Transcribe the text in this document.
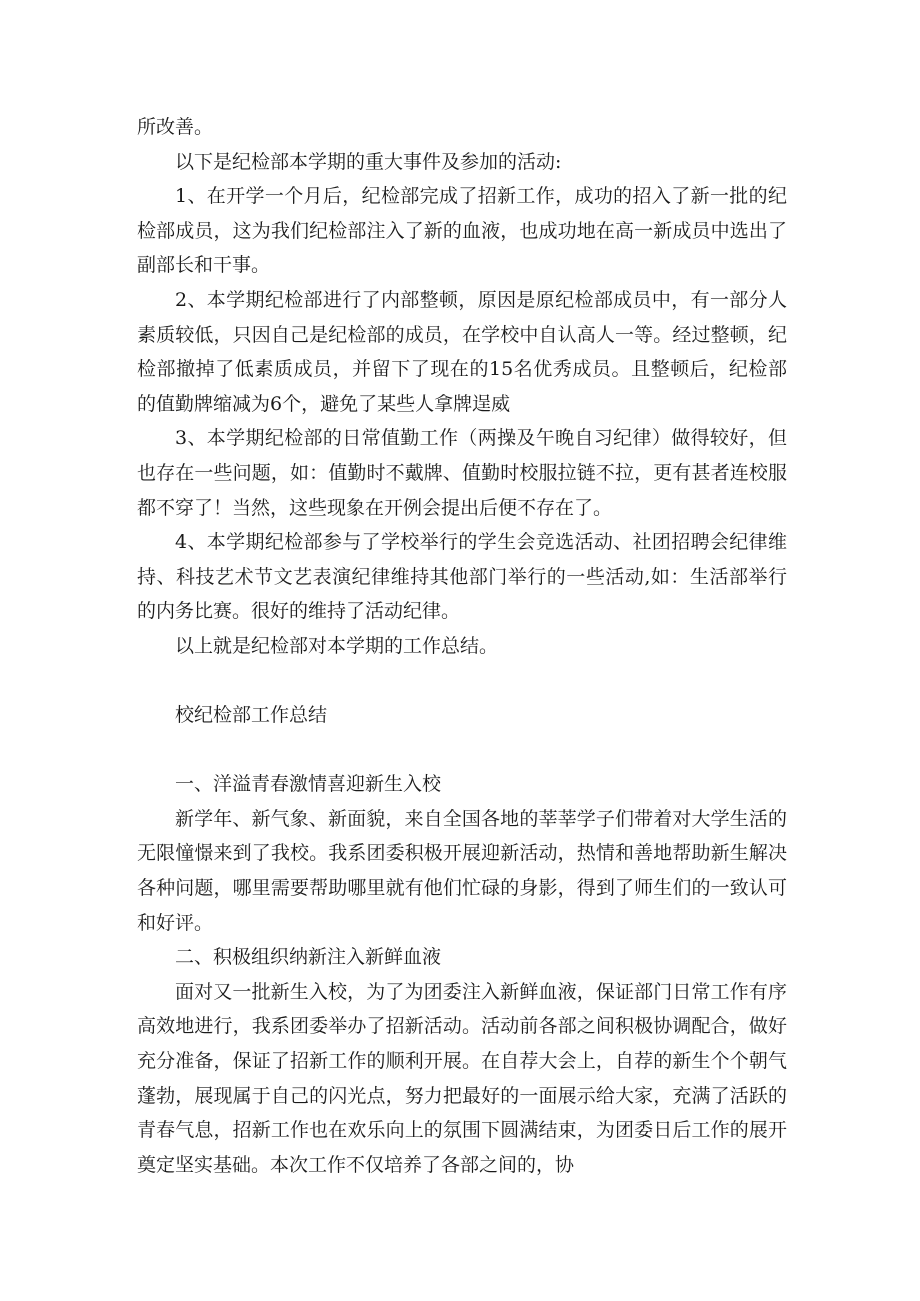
所改善。

以下是纪检部本学期的重大事件及参加的活动:

1、在开学一个月后，纪检部完成了招新工作，成功的招入了新一批的纪检部成员，这为我们纪检部注入了新的血液，也成功地在高一新成员中选出了副部长和干事。

2、本学期纪检部进行了内部整顿，原因是原纪检部成员中，有一部分人素质较低，只因自己是纪检部的成员，在学校中自认高人一等。经过整顿，纪检部撤掉了低素质成员，并留下了现在的15名优秀成员。且整顿后，纪检部的值勤牌缩减为6个，避免了某些人拿牌逞威

3、本学期纪检部的日常值勤工作（两操及午晚自习纪律）做得较好，但也存在一些问题，如：值勤时不戴牌、值勤时校服拉链不拉，更有甚者连校服都不穿了！当然，这些现象在开例会提出后便不存在了。

4、本学期纪检部参与了学校举行的学生会竞选活动、社团招聘会纪律维持、科技艺术节文艺表演纪律维持其他部门举行的一些活动,如：生活部举行的内务比赛。很好的维持了活动纪律。

以上就是纪检部对本学期的工作总结。

校纪检部工作总结

一、洋溢青春激情喜迎新生入校

新学年、新气象、新面貌，来自全国各地的莘莘学子们带着对大学生活的无限憧憬来到了我校。我系团委积极开展迎新活动，热情和善地帮助新生解决各种问题，哪里需要帮助哪里就有他们忙碌的身影，得到了师生们的一致认可和好评。

二、积极组织纳新注入新鲜血液

面对又一批新生入校，为了为团委注入新鲜血液，保证部门日常工作有序高效地进行，我系团委举办了招新活动。活动前各部之间积极协调配合，做好充分准备，保证了招新工作的顺利开展。在自荐大会上，自荐的新生个个朝气蓬勃，展现属于自己的闪光点，努力把最好的一面展示给大家，充满了活跃的青春气息，招新工作也在欢乐向上的氛围下圆满结束，为团委日后工作的展开奠定坚实基础。本次工作不仅培养了各部之间的，协
